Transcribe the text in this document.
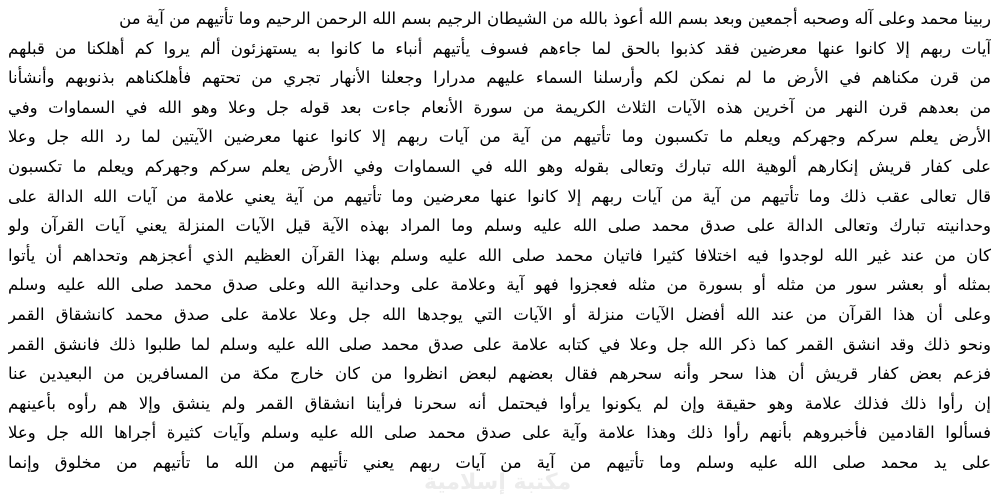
ربينا محمد وعلى آله وصحبه أجمعين وبعد بسم الله أعوذ بالله من الشيطان الرجيم بسم الله الرحمن الرحيم وما تأتيهم من آية من
آيات ربهم إلا كانوا عنها معرضين فقد كذبوا بالحق لما جاءهم فسوف يأتيهم أنباء ما كانوا به يستهزئون ألم يروا كم أهلكنا من قبلهم
من قرن مكناهم في الأرض ما لم نمكن لكم وأرسلنا السماء عليهم مدرارا وجعلنا الأنهار تجري من تحتهم فأهلكناهم بذنوبهم وأنشأنا
من بعدهم قرن النهر من آخرين هذه الآيات الثلاث الكريمة من سورة الأنعام جاءت بعد قوله جل وعلا وهو الله في السماوات وفي
الأرض يعلم سركم وجهركم ويعلم ما تكسبون وما تأتيهم من آية من آيات ربهم إلا كانوا عنها معرضين الآيتين لما رد الله جل وعلا
على كفار قريش إنكارهم ألوهية الله تبارك وتعالى بقوله وهو الله في السماوات وفي الأرض يعلم سركم وجهركم ويعلم ما تكسبون
قال تعالى عقب ذلك وما تأتيهم من آية من آيات ربهم إلا كانوا عنها معرضين وما تأتيهم من آية يعني علامة من آيات الله الدالة على
وحدانيته تبارك وتعالى الدالة على صدق محمد صلى الله عليه وسلم وما المراد بهذه الآية قيل الآيات المنزلة يعني آيات القرآن ولو
كان من عند غير الله لوجدوا فيه اختلافا كثيرا فاتيان محمد صلى الله عليه وسلم بهذا القرآن العظيم الذي أعجزهم وتحداهم أن يأتوا
بمثله أو بعشر سور من مثله أو بسورة من مثله فعجزوا فهو آية وعلامة على وحدانية الله وعلى صدق محمد صلى الله عليه وسلم
وعلى أن هذا القرآن من عند الله أفضل الآيات منزلة أو الآيات التي يوجدها الله جل وعلا علامة على صدق محمد كانشقاق القمر
ونحو ذلك وقد انشق القمر كما ذكر الله جل وعلا في كتابه علامة على صدق محمد صلى الله عليه وسلم لما طلبوا ذلك فانشق القمر
فزعم بعض كفار قريش أن هذا سحر وأنه سحرهم فقال بعضهم لبعض انظروا من كان خارج مكة من المسافرين من البعيدين عنا
إن رأوا ذلك فذلك علامة وهو حقيقة وإن لم يكونوا يرأوا فيحتمل أنه سحرنا فرأينا انشقاق القمر ولم ينشق وإلا هم رأوه بأعينهم
فسألوا القادمين فأخبروهم بأنهم رأوا ذلك وهذا علامة وآية على صدق محمد صلى الله عليه وسلم وآيات كثيرة أجراها الله جل وعلا
على يد محمد صلى الله عليه وسلم وما تأتيهم من آية من آيات ربهم يعني تأتيهم من الله ما تأتيهم من مخلوق وإنما
مكتبة إسلامية
